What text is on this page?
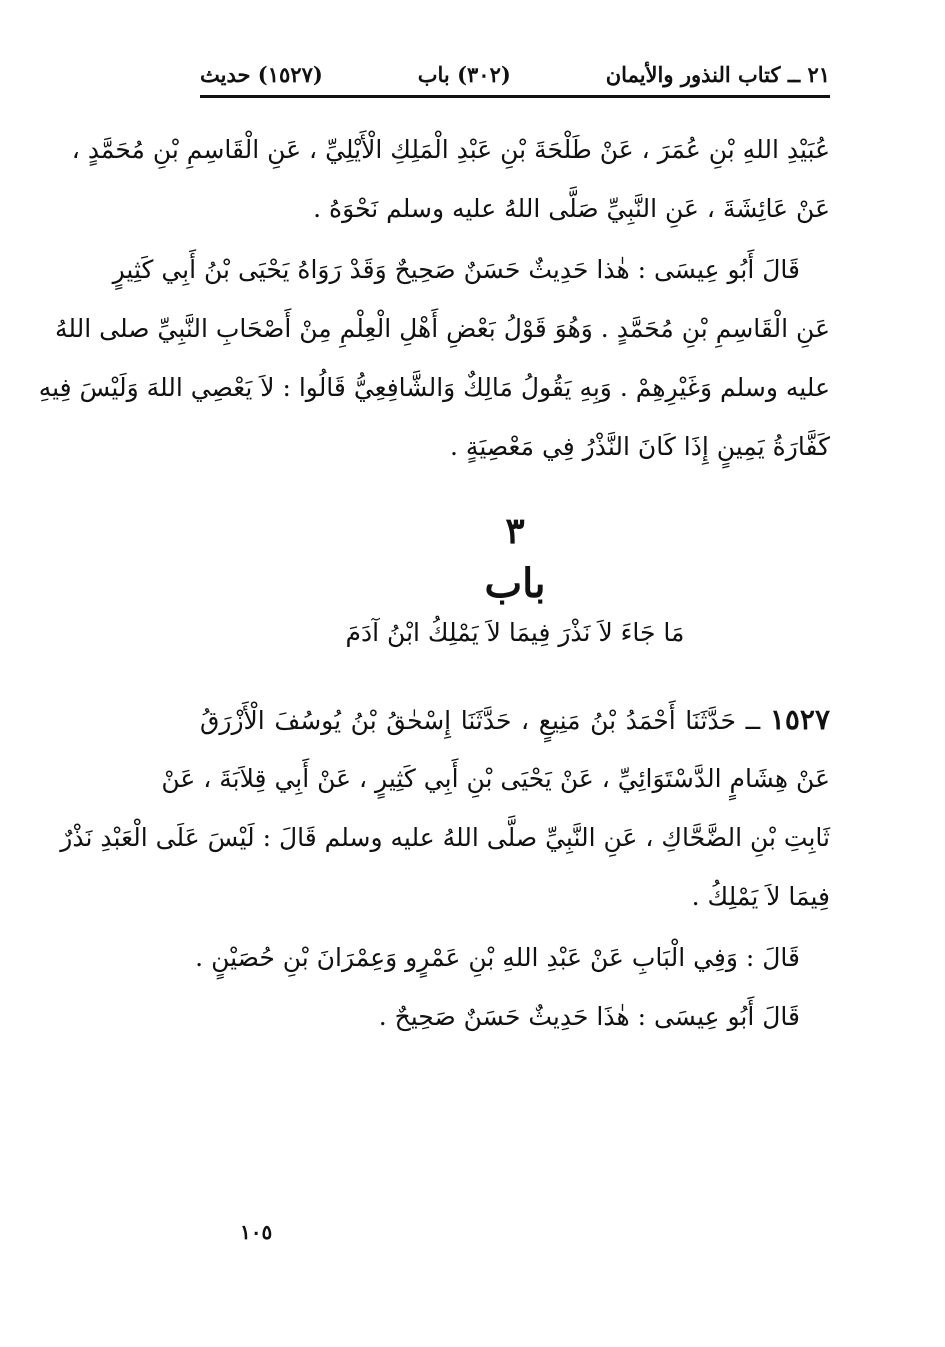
٢١ ــ كتاب النذور والأيمان
(٣٠٢) باب
(١٥٢٧) حديث
عُبَيْدِ اللهِ بْنِ عُمَرَ ، عَنْ طَلْحَةَ بْنِ عَبْدِ الْمَلِكِ الْأَيْلِيِّ ، عَنِ الْقَاسِمِ بْنِ مُحَمَّدٍ ،
عَنْ عَائِشَةَ ، عَنِ النَّبِيِّ صَلَّى اللهُ عليه وسلم نَحْوَهُ .
قَالَ أَبُو عِيسَى : هٰذا حَدِيثٌ حَسَنٌ صَحِيحٌ وَقَدْ رَوَاهُ يَحْيَى بْنُ أَبِي كَثِيرٍ
عَنِ الْقَاسِمِ بْنِ مُحَمَّدٍ . وَهُوَ قَوْلُ بَعْضِ أَهْلِ الْعِلْمِ مِنْ أَصْحَابِ النَّبِيِّ صلى اللهُ
عليه وسلم وَغَيْرِهِمْ . وَبِهِ يَقُولُ مَالِكٌ وَالشَّافِعِيُّ قَالُوا : لاَ يَعْصِي اللهَ وَلَيْسَ فِيهِ
كَفَّارَةُ يَمِينٍ إِذَا كَانَ النَّذْرُ فِي مَعْصِيَةٍ .
٣
باب
مَا جَاءَ لاَ نَذْرَ فِيمَا لاَ يَمْلِكُ ابْنُ آدَمَ
١٥٢٧ ــ حَدَّثَنَا أَحْمَدُ بْنُ مَنِيعٍ ، حَدَّثَنَا إِسْحٰقُ بْنُ يُوسُفَ الْأَزْرَقُ
عَنْ هِشَامٍ الدَّسْتَوَائِيِّ ، عَنْ يَحْيَى بْنِ أَبِي كَثِيرٍ ، عَنْ أَبِي قِلاَبَةَ ، عَنْ
ثَابِتِ بْنِ الضَّحَّاكِ ، عَنِ النَّبِيِّ صلَّى اللهُ عليه وسلم قَالَ : لَيْسَ عَلَى الْعَبْدِ نَذْرٌ
فِيمَا لاَ يَمْلِكُ .
قَالَ : وَفِي الْبَابِ عَنْ عَبْدِ اللهِ بْنِ عَمْرٍو وَعِمْرَانَ بْنِ حُصَيْنٍ .
قَالَ أَبُو عِيسَى : هٰذَا حَدِيثٌ حَسَنٌ صَحِيحٌ .
١٠٥
